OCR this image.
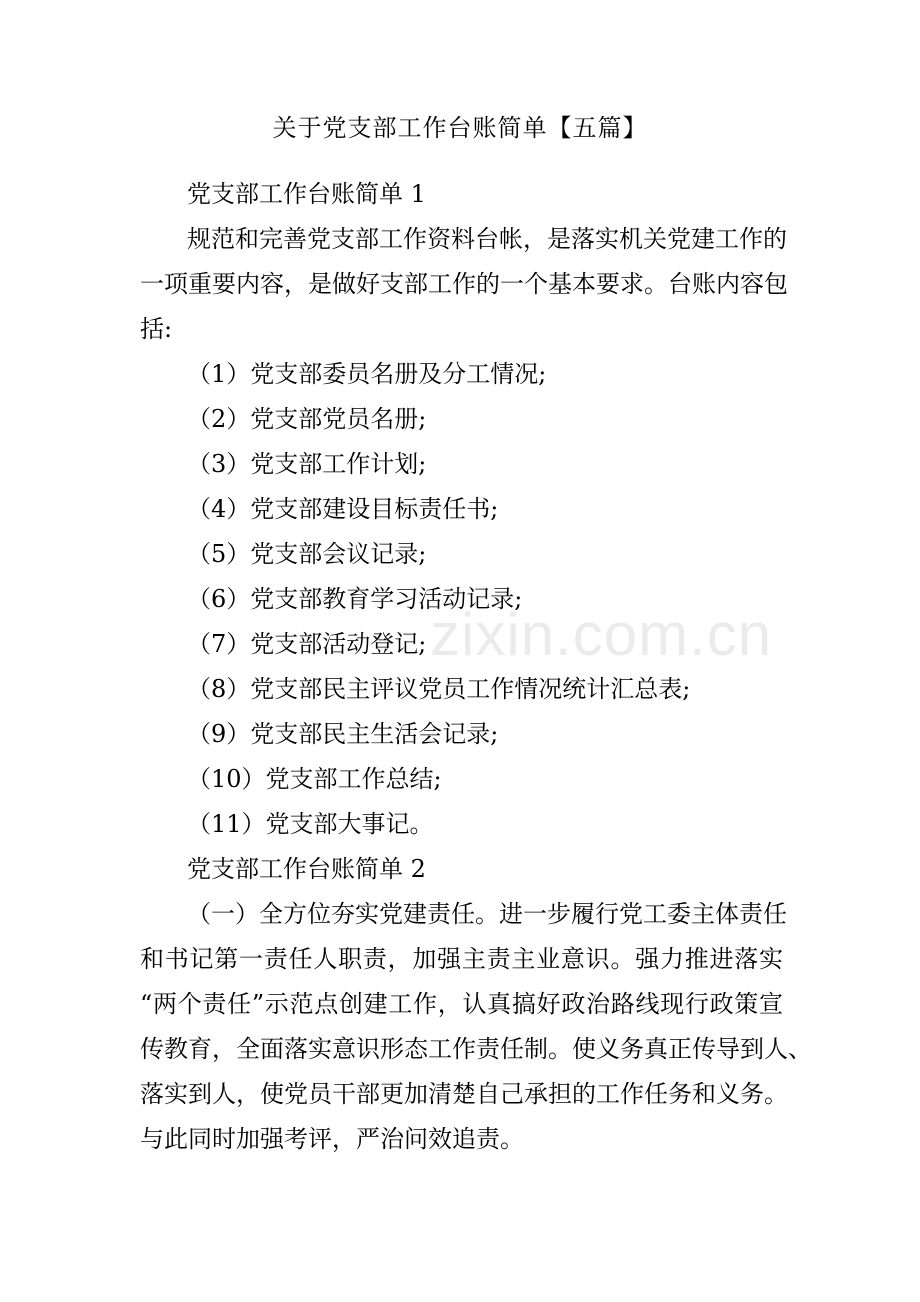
关于党支部工作台账简单【五篇】
党支部工作台账简单 1
规范和完善党支部工作资料台帐，是落实机关党建工作的
一项重要内容，是做好支部工作的一个基本要求。台账内容包
括:
（1）党支部委员名册及分工情况;
（2）党支部党员名册;
（3）党支部工作计划;
（4）党支部建设目标责任书;
（5）党支部会议记录;
（6）党支部教育学习活动记录;
（7）党支部活动登记;
（8）党支部民主评议党员工作情况统计汇总表;
（9）党支部民主生活会记录;
（10）党支部工作总结;
（11）党支部大事记。
党支部工作台账简单 2
（一）全方位夯实党建责任。进一步履行党工委主体责任
和书记第一责任人职责，加强主责主业意识。强力推进落实
“两个责任”示范点创建工作，认真搞好政治路线现行政策宣
传教育，全面落实意识形态工作责任制。使义务真正传导到人、
落实到人，使党员干部更加清楚自己承担的工作任务和义务。
与此同时加强考评，严治问效追责。
zixin.com.cn
